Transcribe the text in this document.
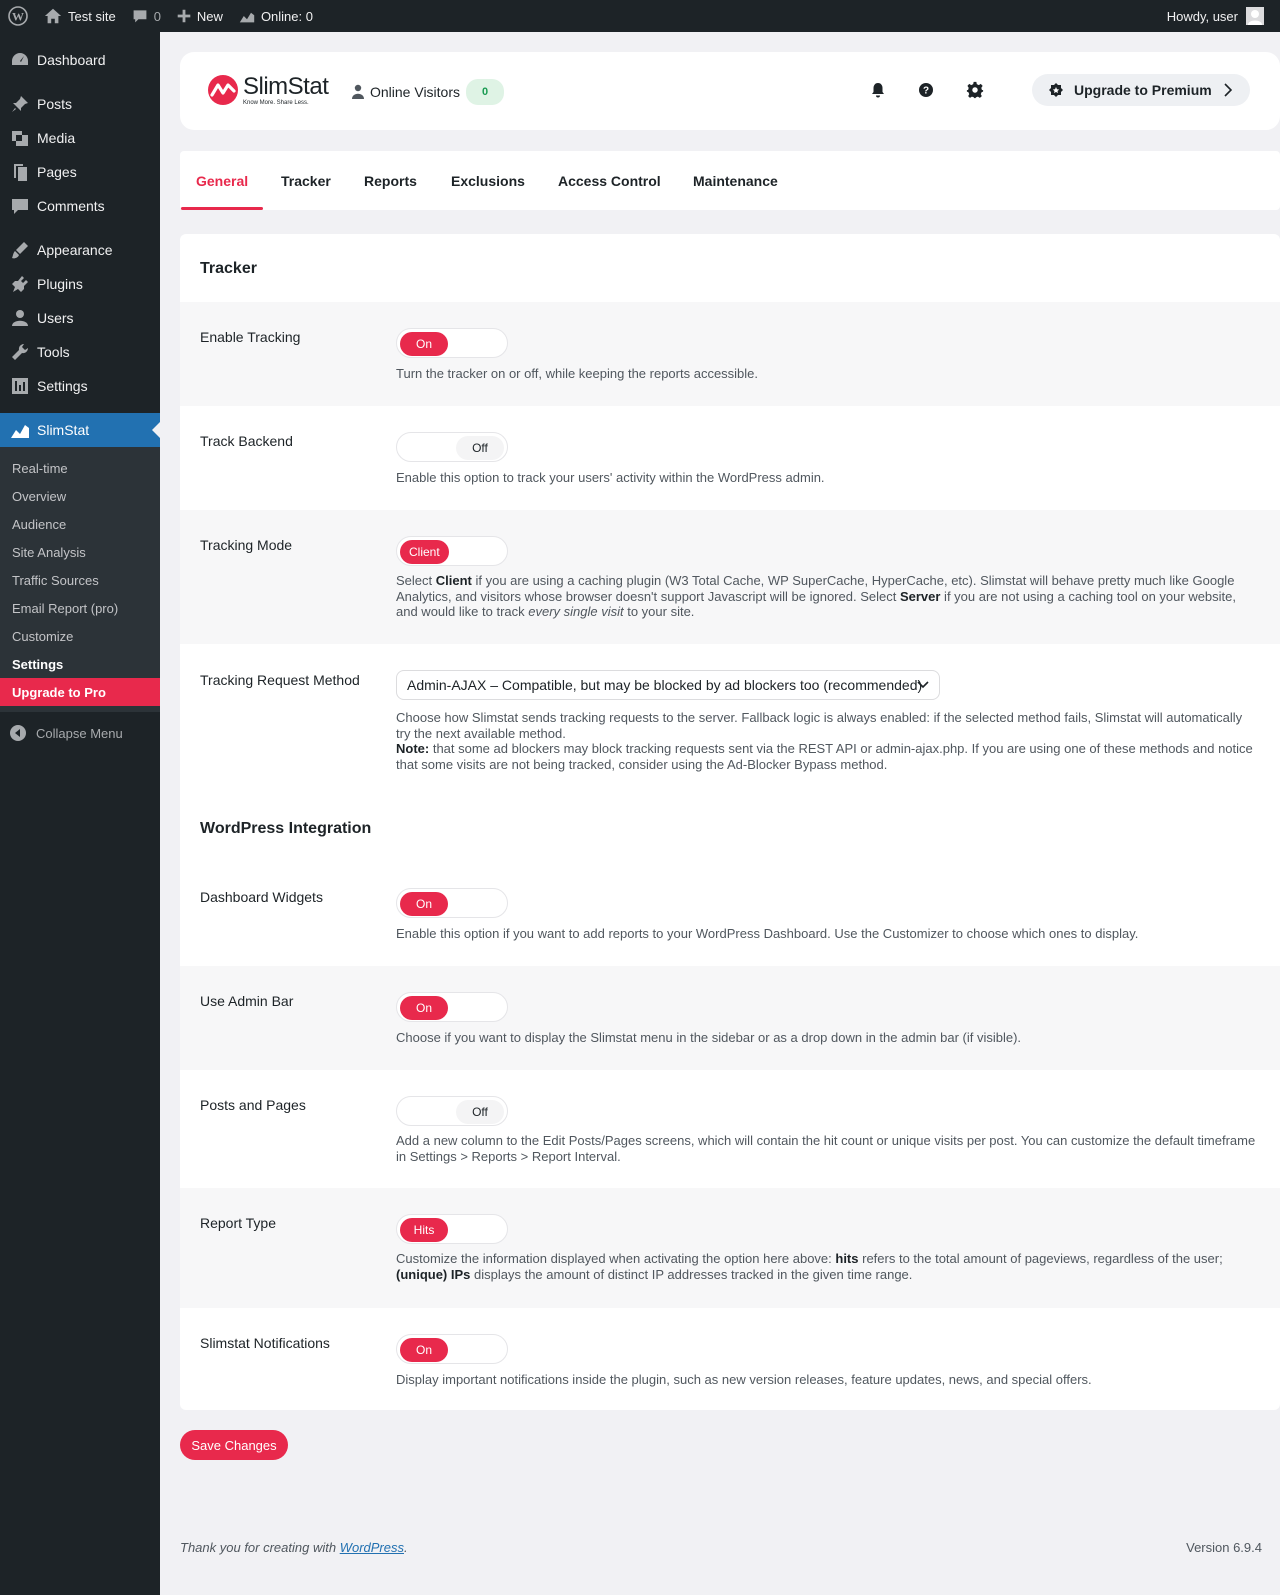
W	Test site	0	New	Online: 0	Howdy, user
Dashboard
Posts
Media
Pages
Comments
Appearance
Plugins
Users
Tools
Settings
SlimStat
Real-time
Overview
Audience
Site Analysis
Traffic Sources
Email Report (pro)
Customize
Settings
Upgrade to Pro
Collapse Menu
SlimStat
Know More. Share Less.
Online Visitors	0	?	Upgrade to Premium
General Tracker Reports Exclusions Access Control Maintenance
Tracker
Enable Tracking	On
Turn the tracker on or off, while keeping the reports accessible.
Track Backend	Off
Enable this option to track your users' activity within the WordPress admin.
Tracking Mode	Client
Select Client if you are using a caching plugin (W3 Total Cache, WP SuperCache, HyperCache, etc). Slimstat will behave pretty much like Google Analytics, and visitors whose browser doesn't support Javascript will be ignored. Select Server if you are not using a caching tool on your website, and would like to track every single visit to your site.
Tracking Request Method	Admin-AJAX – Compatible, but may be blocked by ad blockers too (recommended)
Choose how Slimstat sends tracking requests to the server. Fallback logic is always enabled: if the selected method fails, Slimstat will automatically try the next available method.
Note: that some ad blockers may block tracking requests sent via the REST API or admin-ajax.php. If you are using one of these methods and notice that some visits are not being tracked, consider using the Ad-Blocker Bypass method.
WordPress Integration
Dashboard Widgets	On
Enable this option if you want to add reports to your WordPress Dashboard. Use the Customizer to choose which ones to display.
Use Admin Bar	On
Choose if you want to display the Slimstat menu in the sidebar or as a drop down in the admin bar (if visible).
Posts and Pages	Off
Add a new column to the Edit Posts/Pages screens, which will contain the hit count or unique visits per post. You can customize the default timeframe in Settings > Reports > Report Interval.
Report Type	Hits
Customize the information displayed when activating the option here above: hits refers to the total amount of pageviews, regardless of the user; (unique) IPs displays the amount of distinct IP addresses tracked in the given time range.
Slimstat Notifications	On
Display important notifications inside the plugin, such as new version releases, feature updates, news, and special offers.
Save Changes
Thank you for creating with WordPress.	Version 6.9.4
